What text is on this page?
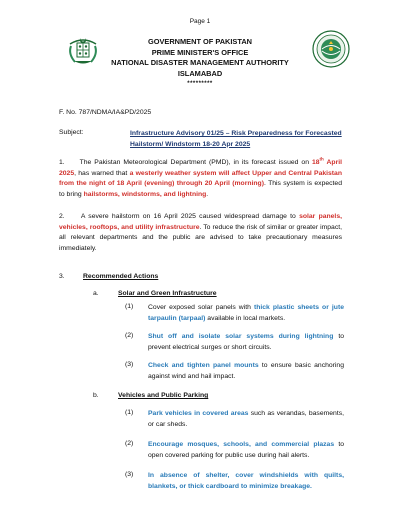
Page 1
GOVERNMENT OF PAKISTAN
PRIME MINISTER'S OFFICE
NATIONAL DISASTER MANAGEMENT AUTHORITY
ISLAMABAD
*********
F. No. 787/NDMA/IA&PD/2025
Subject:	Infrastructure Advisory 01/25 – Risk Preparedness for Forecasted Hailstorm/ Windstorm 18-20 Apr 2025
1. The Pakistan Meteorological Department (PMD), in its forecast issued on 18th April 2025, has warned that a westerly weather system will affect Upper and Central Pakistan from the night of 18 April (evening) through 20 April (morning). This system is expected to bring hailstorms, windstorms, and lightning.
2. A severe hailstorm on 16 April 2025 caused widespread damage to solar panels, vehicles, rooftops, and utility infrastructure. To reduce the risk of similar or greater impact, all relevant departments and the public are advised to take precautionary measures immediately.
3.	Recommended Actions
a.	Solar and Green Infrastructure
(1) Cover exposed solar panels with thick plastic sheets or jute tarpaulin (tarpaal) available in local markets.
(2) Shut off and isolate solar systems during lightning to prevent electrical surges or short circuits.
(3) Check and tighten panel mounts to ensure basic anchoring against wind and hail impact.
b.	Vehicles and Public Parking
(1) Park vehicles in covered areas such as verandas, basements, or car sheds.
(2) Encourage mosques, schools, and commercial plazas to open covered parking for public use during hail alerts.
(3) In absence of shelter, cover windshields with quilts, blankets, or thick cardboard to minimize breakage.
